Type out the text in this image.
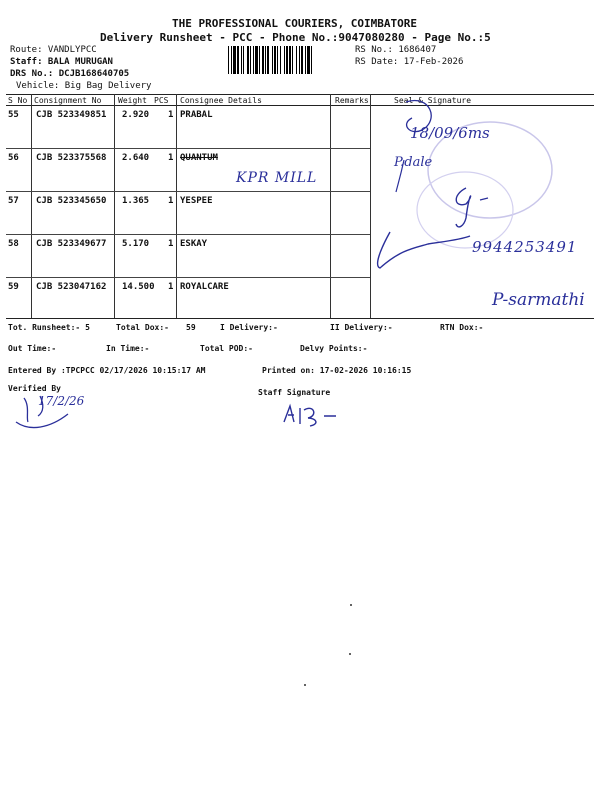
THE PROFESSIONAL COURIERS, COIMBATORE
Delivery Runsheet - PCC - Phone No.:9047080280 - Page No.:5
Route: VANDLYPCC
Staff: BALA MURUGAN
DRS No.: DCJB168640705
Vehicle: Big Bag Delivery
RS No.: 1686407
RS Date: 17-Feb-2026
S No Consignment No Weight PCS Consignee Details	Remarks	Seal & Signature
55 CJB 523349851 2.920 1 PRABAL
56 CJB 523375568 2.640 1 QUANTUM
KPR MILL
57 CJB 523345650 1.365 1 YESPEE
58 CJB 523349677 5.170 1 ESKAY
59 CJB 523047162 14.500 1 ROYALCARE
18/09/6ms
P.dale
9944253491
P-sarmathi
Tot. Runsheet:- 5	Total Dox:- 59	I Delivery:-	II Delivery:-	RTN Dox:-
Out Time:-	In Time:-	Total POD:-	Delvy Points:-
Entered By :TPCPCC 02/17/2026 10:15:17 AM	Printed on: 17-02-2026 10:16:15
Verified By	Staff Signature
17/2/26
